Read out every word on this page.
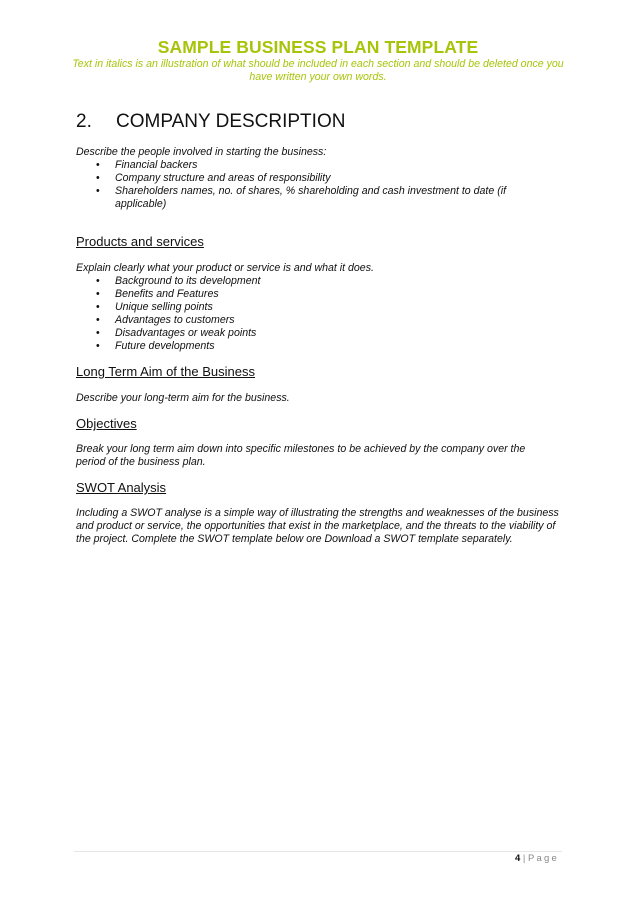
SAMPLE BUSINESS PLAN TEMPLATE
Text in italics is an illustration of what should be included in each section and should be deleted once you have written your own words.
2. COMPANY DESCRIPTION
Describe the people involved in starting the business:
• Financial backers
• Company structure and areas of responsibility
• Shareholders names, no. of shares, % shareholding and cash investment to date (if applicable)
Products and services
Explain clearly what your product or service is and what it does.
• Background to its development
• Benefits and Features
• Unique selling points
• Advantages to customers
• Disadvantages or weak points
• Future developments
Long Term Aim of the Business
Describe your long-term aim for the business.
Objectives
Break your long term aim down into specific milestones to be achieved by the company over the period of the business plan.
SWOT Analysis
Including a SWOT analyse is a simple way of illustrating the strengths and weaknesses of the business and product or service, the opportunities that exist in the marketplace, and the threats to the viability of the project. Complete the SWOT template below ore Download a SWOT template separately.
4 | Page
